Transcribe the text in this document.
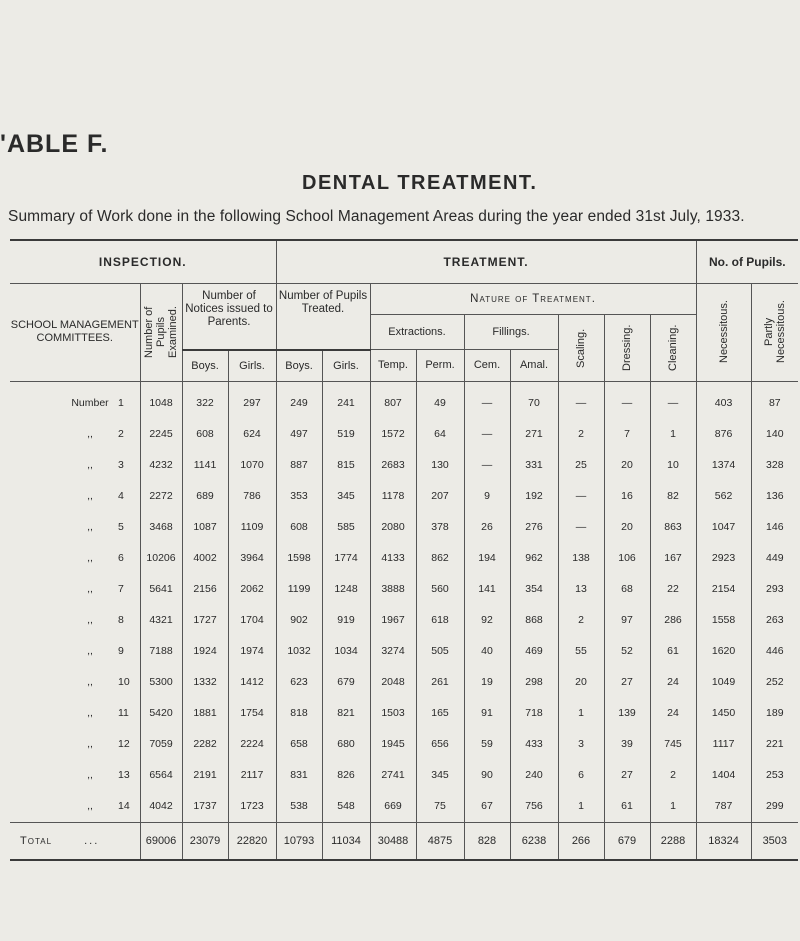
'ABLE F.
DENTAL TREATMENT.
Summary of Work done in the following School Management Areas during the year ended 31st July, 1933.
INSPECTION.				TREATMENT.									No. of Pupils.	
SCHOOL MANAGEMENT COMMITTEES.	Number of Pupils Examined.	Number of Notices issued to Parents.		Number of Pupils Treated.		Nature of Treatment.							Necessitous.	Partly Necessitous.

						Extractions.		Fillings.		Scaling.	Dressing.	Cleaning.		

		Boys.	Girls.	Boys.	Girls.	Temp.	Perm.	Cem.	Amal.					
Number 1	1048	322	297	249	241	807	49	—	70	—	—	—	403	87
,, 2	2245	608	624	497	519	1572	64	—	271	2	7	1	876	140
,, 3	4232	1141	1070	887	815	2683	130	—	331	25	20	10	1374	328
,, 4	2272	689	786	353	345	1178	207	9	192	—	16	82	562	136
,, 5	3468	1087	1109	608	585	2080	378	26	276	—	20	863	1047	146
,, 6	10206	4002	3964	1598	1774	4133	862	194	962	138	106	167	2923	449
,, 7	5641	2156	2062	1199	1248	3888	560	141	354	13	68	22	2154	293
,, 8	4321	1727	1704	902	919	1967	618	92	868	2	97	286	1558	263
,, 9	7188	1924	1974	1032	1034	3274	505	40	469	55	52	61	1620	446
,, 10	5300	1332	1412	623	679	2048	261	19	298	20	27	24	1049	252
,, 11	5420	1881	1754	818	821	1503	165	91	718	1	139	24	1450	189
,, 12	7059	2282	2224	658	680	1945	656	59	433	3	39	745	1117	221
,, 13	6564	2191	2117	831	826	2741	345	90	240	6	27	2	1404	253
,, 14	4042	1737	1723	538	548	669	75	67	756	1	61	1	787	299
Total ...	69006	23079	22820	10793	11034	30488	4875	828	6238	266	679	2288	18324	3503
